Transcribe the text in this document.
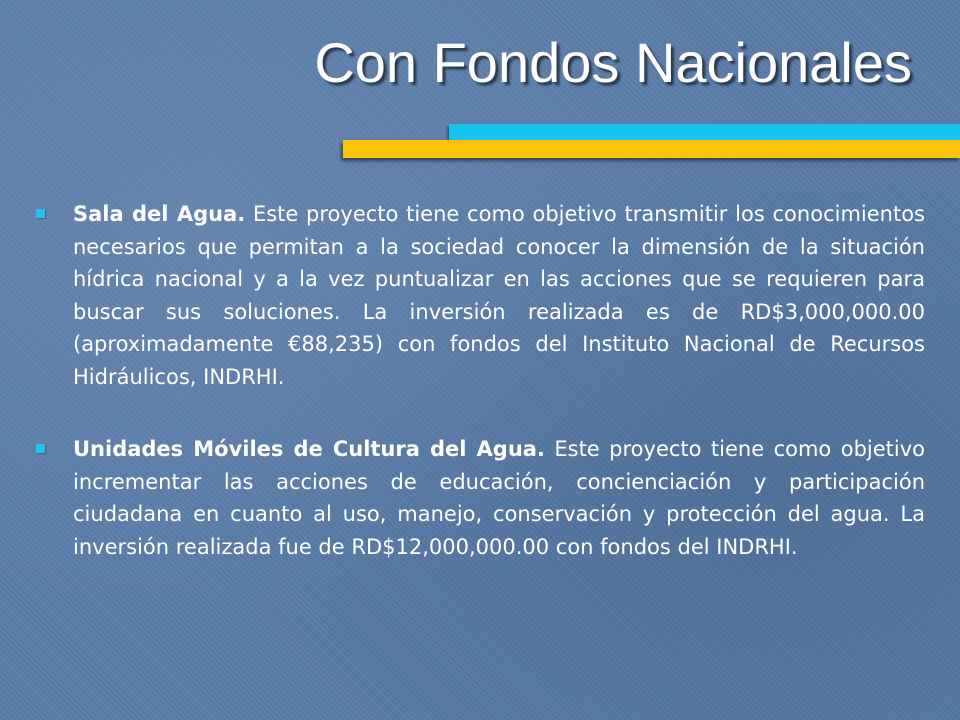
Con Fondos Nacionales

Sala del Agua. Este proyecto tiene como objetivo transmitir los conocimientos necesarios que permitan a la sociedad conocer la dimensión de la situación hídrica nacional y a la vez puntualizar en las acciones que se requieren para buscar sus soluciones. La inversión realizada es de RD$3,000,000.00 (aproximadamente €88,235) con fondos del Instituto Nacional de Recursos Hidráulicos, INDRHI.

Unidades Móviles de Cultura del Agua. Este proyecto tiene como objetivo incrementar las acciones de educación, concienciación y participación ciudadana en cuanto al uso, manejo, conservación y protección del agua. La inversión realizada fue de RD$12,000,000.00 con fondos del INDRHI.
